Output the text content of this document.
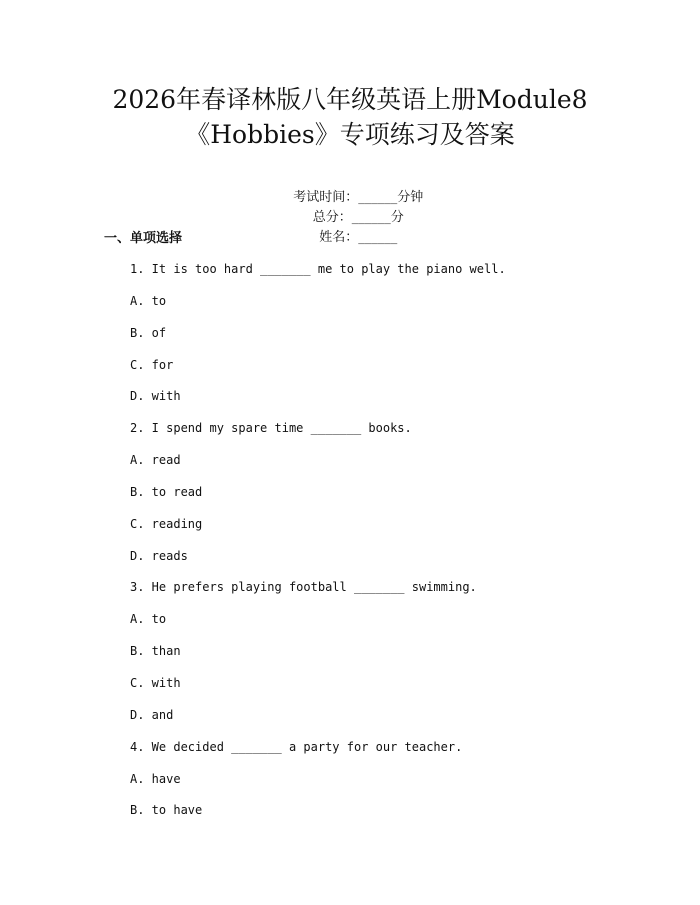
2026年春译林版八年级英语上册Module8
《Hobbies》专项练习及答案

考试时间：______分钟
总分：______分
姓名：______

一、单项选择
1. It is too hard _______ me to play the piano well.
A. to
B. of
C. for
D. with
2. I spend my spare time _______ books.
A. read
B. to read
C. reading
D. reads
3. He prefers playing football _______ swimming.
A. to
B. than
C. with
D. and
4. We decided _______ a party for our teacher.
A. have
B. to have
